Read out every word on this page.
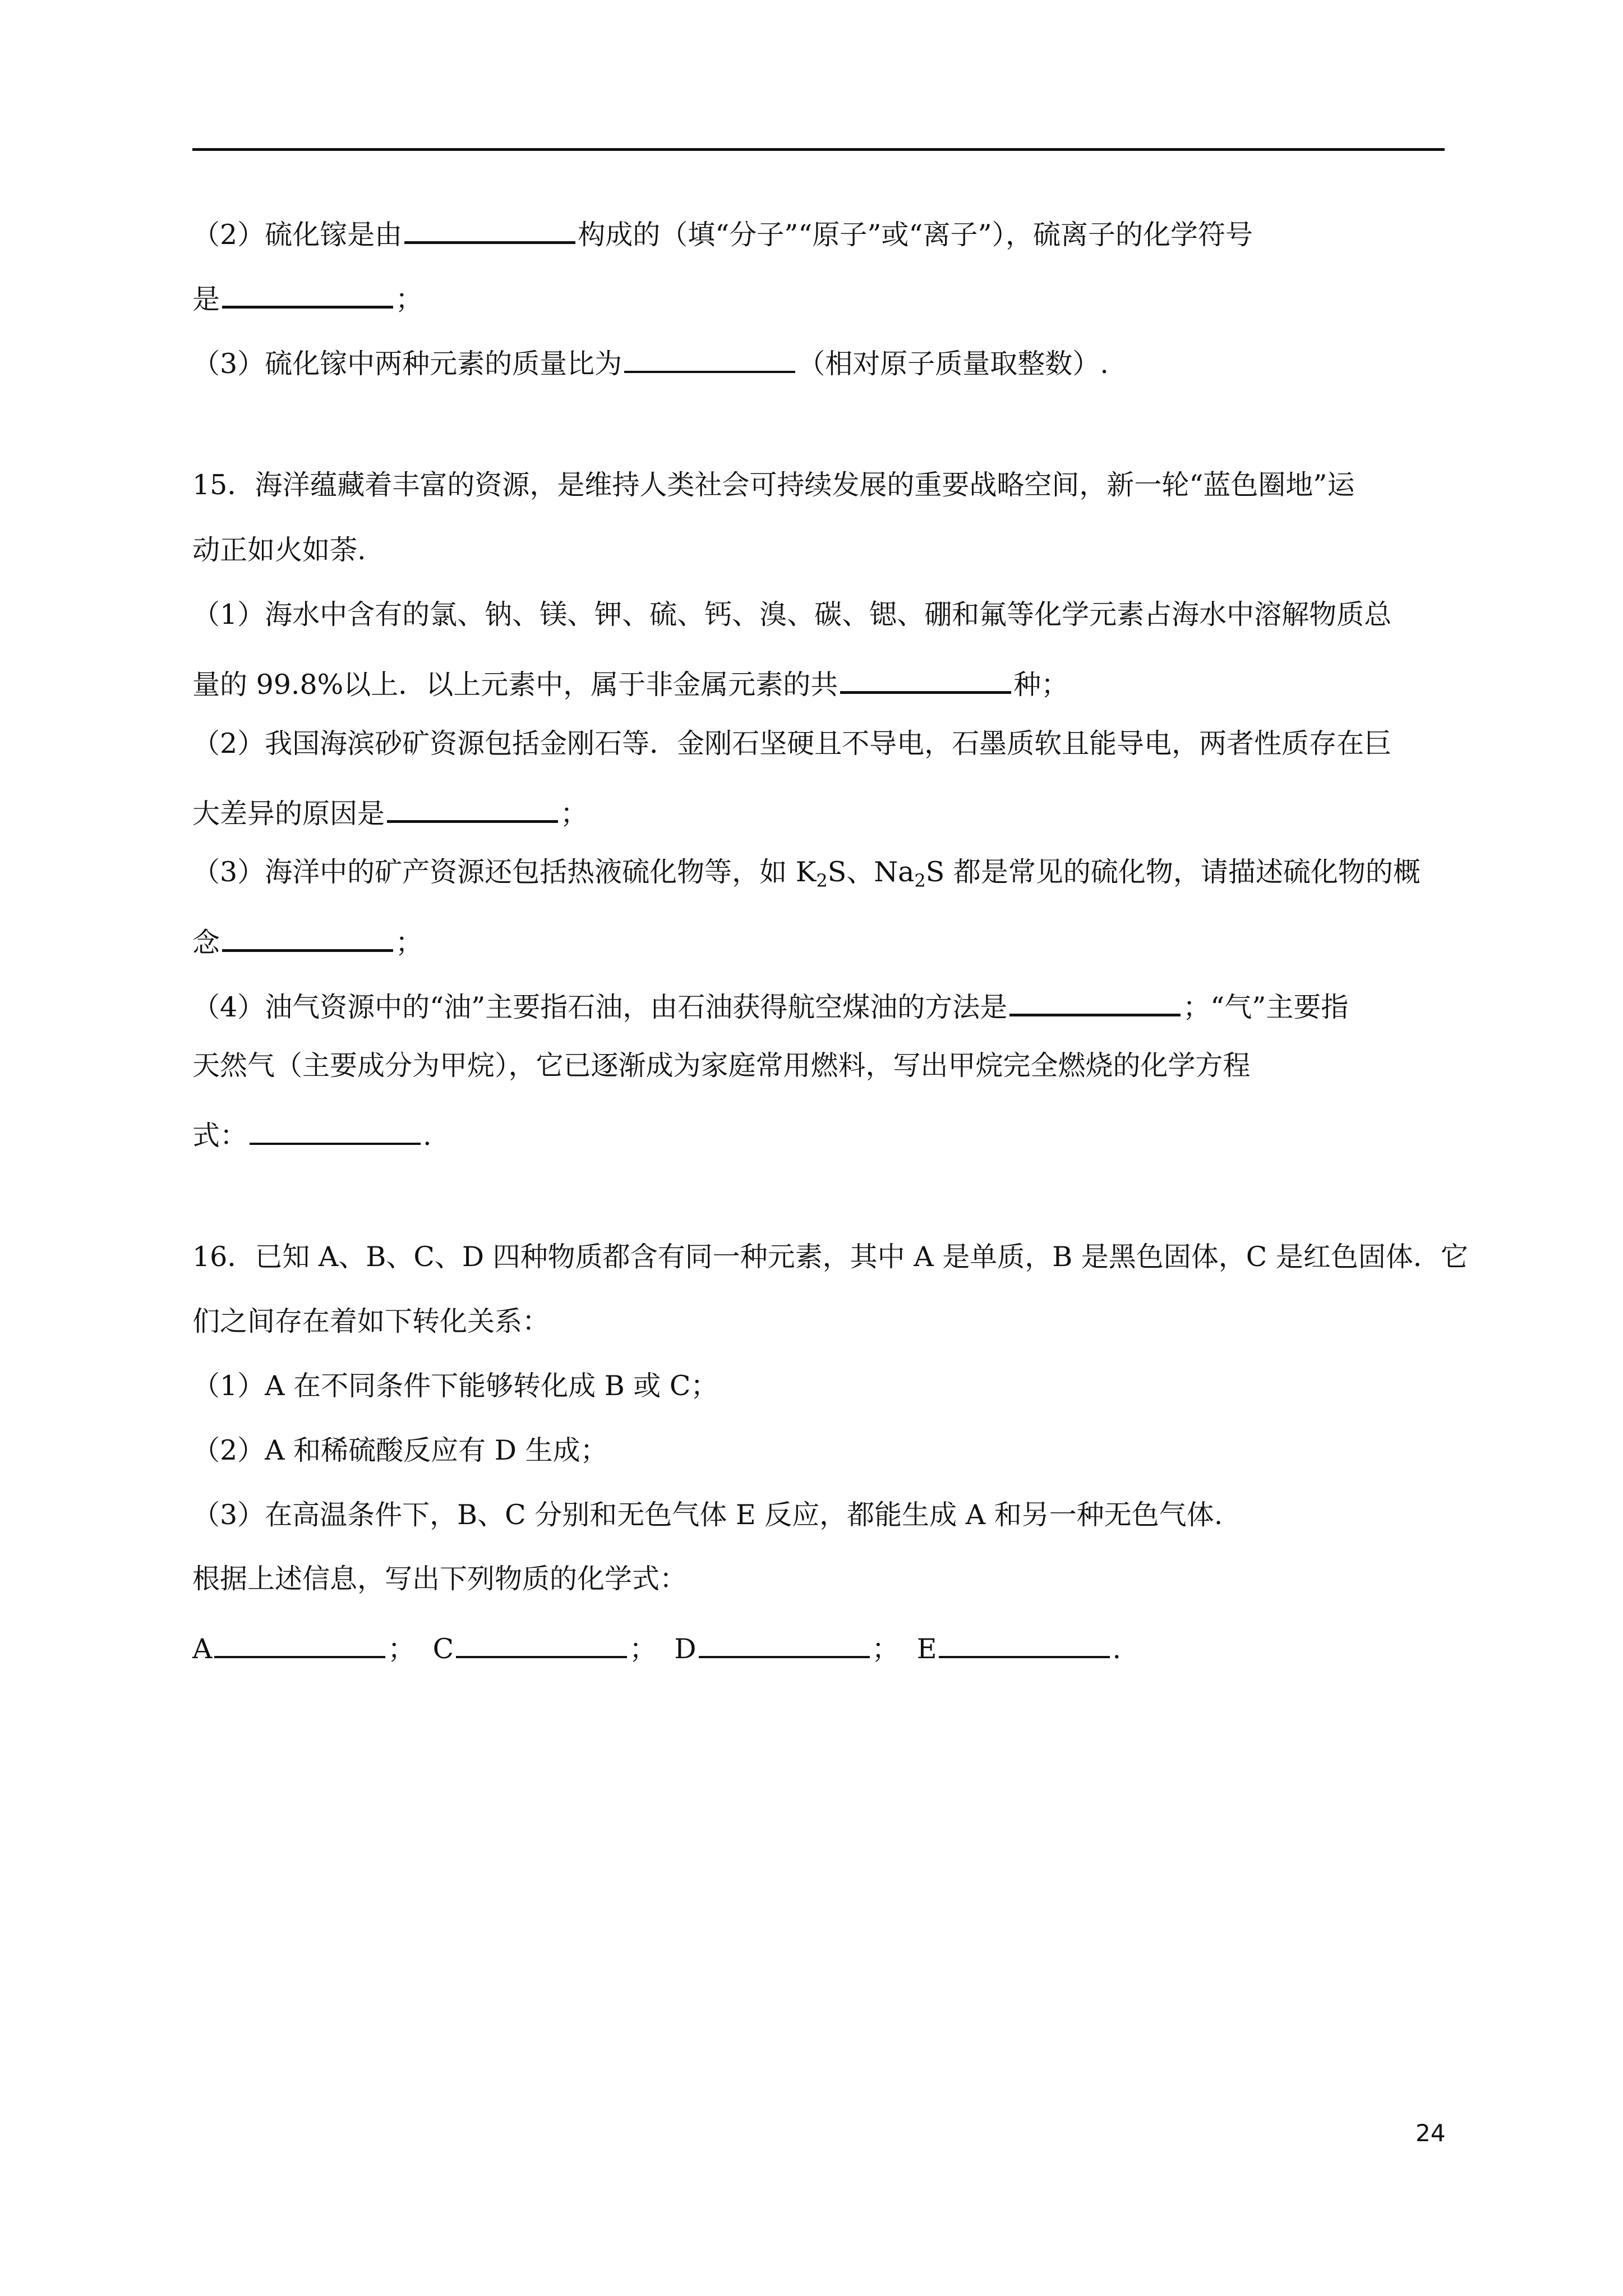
（2）硫化镓是由	构成的（填“分子”“原子”或“离子”），硫离子的化学符号
是	；
（3）硫化镓中两种元素的质量比为	（相对原子质量取整数）.
15．海洋蕴藏着丰富的资源，是维持人类社会可持续发展的重要战略空间，新一轮“蓝色圈地”运
动正如火如荼.
（1）海水中含有的氯、钠、镁、钾、硫、钙、溴、碳、锶、硼和氟等化学元素占海水中溶解物质总
量的 99.8%以上．以上元素中，属于非金属元素的共	种；
（2）我国海滨砂矿资源包括金刚石等．金刚石坚硬且不导电，石墨质软且能导电，两者性质存在巨
大差异的原因是	；
（3）海洋中的矿产资源还包括热液硫化物等，如 $K_2S$、$Na_2S$ 都是常见的硫化物，请描述硫化物的概
念	；
（4）油气资源中的“油”主要指石油，由石油获得航空煤油的方法是	；“气”主要指
天然气（主要成分为甲烷），它已逐渐成为家庭常用燃料，写出甲烷完全燃烧的化学方程
式：	.
16．已知 A、B、C、D 四种物质都含有同一种元素，其中 A 是单质，B 是黑色固体，C 是红色固体．它
们之间存在着如下转化关系：
（1）A 在不同条件下能够转化成 B 或 C；
（2）A 和稀硫酸反应有 D 生成；
（3）在高温条件下，B、C 分别和无色气体 E 反应，都能生成 A 和另一种无色气体.
根据上述信息，写出下列物质的化学式：
A	； C	； D	； E	.
24
